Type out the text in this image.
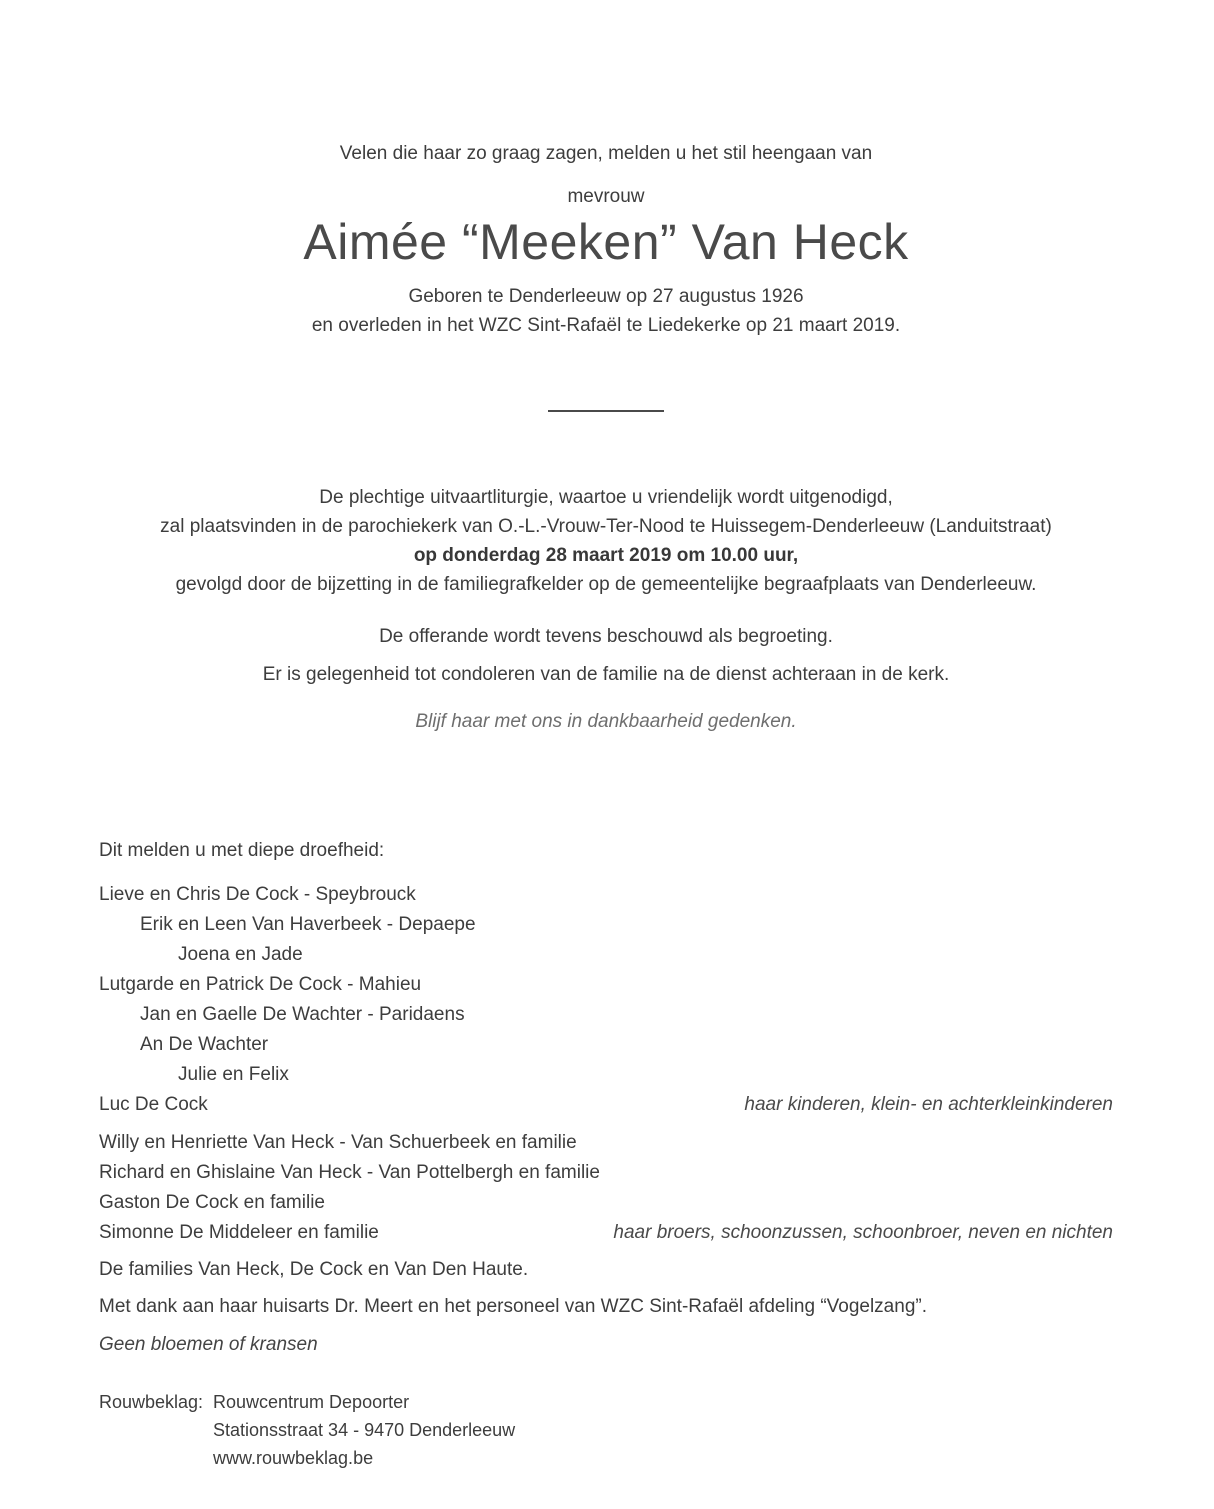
Velen die haar zo graag zagen, melden u het stil heengaan van
mevrouw
Aimée “Meeken” Van Heck
Geboren te Denderleeuw op 27 augustus 1926
en overleden in het WZC Sint-Rafaël te Liedekerke op 21 maart 2019.
De plechtige uitvaartliturgie, waartoe u vriendelijk wordt uitgenodigd,
zal plaatsvinden in de parochiekerk van O.-L.-Vrouw-Ter-Nood te Huissegem-Denderleeuw (Landuitstraat)
op donderdag 28 maart 2019 om 10.00 uur,
gevolgd door de bijzetting in de familiegrafkelder op de gemeentelijke begraafplaats van Denderleeuw.
De offerande wordt tevens beschouwd als begroeting.
Er is gelegenheid tot condoleren van de familie na de dienst achteraan in de kerk.
Blijf haar met ons in dankbaarheid gedenken.
Dit melden u met diepe droefheid:
Lieve en Chris De Cock - Speybrouck
Erik en Leen Van Haverbeek - Depaepe
Joena en Jade
Lutgarde en Patrick De Cock - Mahieu
Jan en Gaelle De Wachter - Paridaens
An De Wachter
Julie en Felix
Luc De Cock	haar kinderen, klein- en achterkleinkinderen
Willy en Henriette Van Heck - Van Schuerbeek en familie
Richard en Ghislaine Van Heck - Van Pottelbergh en familie
Gaston De Cock en familie
Simonne De Middeleer en familie	haar broers, schoonzussen, schoonbroer, neven en nichten
De families Van Heck, De Cock en Van Den Haute.
Met dank aan haar huisarts Dr. Meert en het personeel van WZC Sint-Rafaël afdeling “Vogelzang”.
Geen bloemen of kransen
Rouwbeklag: Rouwcentrum Depoorter
Stationsstraat 34 - 9470 Denderleeuw
www.rouwbeklag.be
